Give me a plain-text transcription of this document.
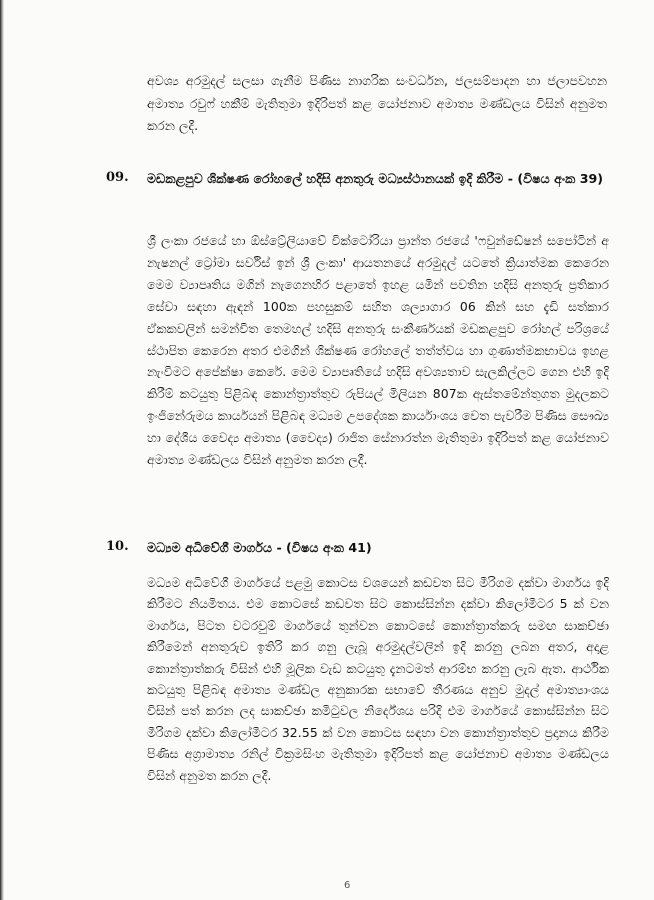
අවශ්‍ය අරමුදල් සලසා ගැනීම පිණිස නාගරික සංවර්ධන, ජලසම්පාදන හා ජලාපවහන අමාත්‍ය රවුෆ් හකීම් මැතිතුමා ඉදිරිපත් කළ යෝජනාව අමාත්‍ය මණ්ඩලය විසින් අනුමත කරන ලදී.

09. මඩකළපුව ශික්ෂණ රෝහලේ හදිසි අනතුරු මධ්‍යස්ථානයක් ඉදි කිරීම - (විෂය අංක 39)

ශ්‍රී ලංකා රජයේ හා ඕස්ට්‍රේලියාවේ වික්ටෝරියා ප්‍රාන්ත රජයේ 'ෆවුන්ඩේෂන් සපෝටින් අ නැෂනල් ට්‍රෝමා සර්විස් ඉන් ශ්‍රී ලංකා' ආයතනයේ අරමුදල් යටතේ ක්‍රියාත්මක කෙරෙන මෙම ව්‍යාපෘතිය මගින් නැගෙනහිර පළාතේ ඉහළ යමින් පවතින හදිසි අනතුරු ප්‍රතිකාර සේවා සඳහා ඇඳන් 100ක පහසුකම් සහිත ශල්‍යාගාර 06 කින් සහ දැඩි සත්කාර ඒකකවලින් සමන්විත තෙමහල් හදිසි අනතුරු සංකීර්ණයක් මඩකළපුව රෝහල් පරිශ්‍රයේ ස්ථාපිත කෙරෙන අතර එමගින් ශික්ෂණ රෝහලේ තත්ත්වය හා ගුණාත්මකභාවය ඉහළ නැංවීමට අපේක්ෂා කෙරේ. මෙම ව්‍යාපෘතියේ හදිසි අවශ්‍යතාව සැලකිල්ලට ගෙන එහි ඉදි කිරීම් කටයුතු පිළිබඳ කොන්ත්‍රාත්තුව රුපියල් මිලියන 807ක ඇස්තමේන්තුගත මුදලකට ඉංජිනේරුමය කාර්යයන් පිළිබඳ මධ්‍යම උපදේශක කාර්යාංශය වෙත පැවරීම පිණිස සෞඛ්‍ය හා දේශීය වෛද්‍ය අමාත්‍ය (වෛද්‍ය) රාජිත සේනාරත්න මැතිතුමා ඉදිරිපත් කළ යෝජනාව අමාත්‍ය මණ්ඩලය විසින් අනුමත කරන ලදී.

10. මධ්‍යම අධිවේගී මාර්ගය - (විෂය අංක 41)

මධ්‍යම අධිවේගී මාර්ගයේ පළමු කොටස වශයෙන් කඩවත සිට මීරිගම දක්වා මාර්ගය ඉදි කිරීමට නියමිතය. එම කොටසේ කඩවත සිට කොස්සින්න දක්වා කිලෝමීටර 5 ක් වන මාර්ගය, පිටත වටරවුම් මාර්ගයේ තුන්වන කොටසේ කොන්ත්‍රාත්කරු සමඟ සාකච්ඡා කිරීමෙන් අනතුරුව ඉතිරි කර ගනු ලැබූ අරමුදල්වලින් ඉදි කරනු ලබන අතර, අදාළ කොන්ත්‍රාත්කරු විසින් එහි මූලික වැඩ කටයුතු දැනටමත් ආරම්භ කරනු ලැබ ඇත. ආර්ථික කටයුතු පිළිබඳ අමාත්‍ය මණ්ඩල අනුකාරක සභාවේ තීරණය අනුව මුදල් අමාත්‍යාංශය විසින් පත් කරන ලද සාකච්ඡා කමිටුවල නිර්දේශය පරිදි එම මාර්ගයේ කොස්සින්න සිට මීරිගම දක්වා කිලෝමීටර 32.55 ක් වන කොටස සඳහා වන කොන්ත්‍රාත්තුව ප්‍රදානය කිරීම පිණිස අග්‍රාමාත්‍ය රනිල් වික්‍රමසිංහ මැතිතුමා ඉදිරිපත් කළ යෝජනාව අමාත්‍ය මණ්ඩලය විසින් අනුමත කරන ලදී.

6
